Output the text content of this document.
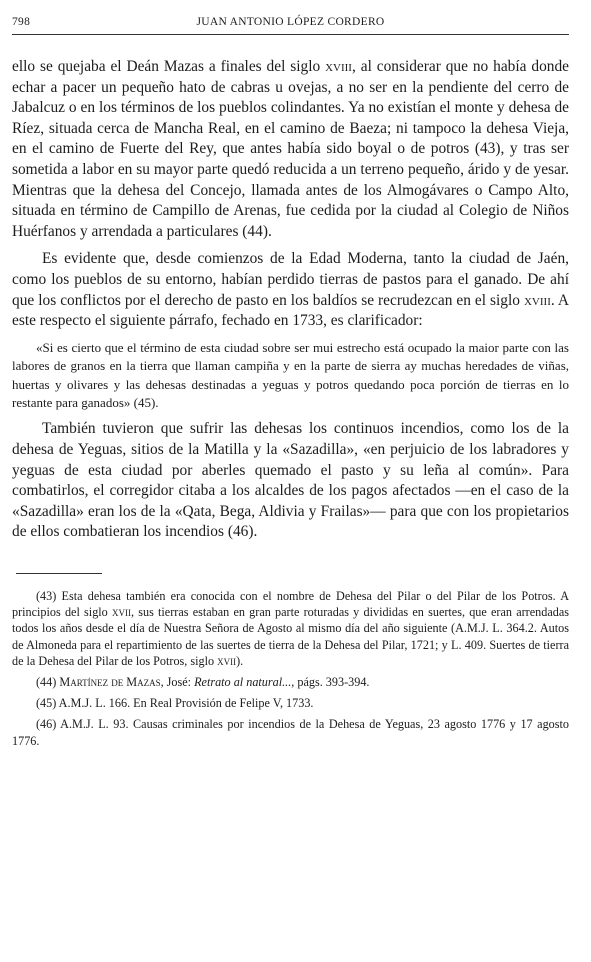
798	JUAN ANTONIO LÓPEZ CORDERO

ello se quejaba el Deán Mazas a finales del siglo xviii, al considerar que no había donde echar a pacer un pequeño hato de cabras u ovejas, a no ser en la pendiente del cerro de Jabalcuz o en los términos de los pueblos colindantes. Ya no existían el monte y dehesa de Ríez, situada cerca de Mancha Real, en el camino de Baeza; ni tampoco la dehesa Vieja, en el camino de Fuerte del Rey, que antes había sido boyal o de potros (43), y tras ser sometida a labor en su mayor parte quedó reducida a un terreno pequeño, árido y de yesar. Mientras que la dehesa del Concejo, llamada antes de los Almogávares o Campo Alto, situada en término de Campillo de Arenas, fue cedida por la ciudad al Colegio de Niños Huérfanos y arrendada a particulares (44).

Es evidente que, desde comienzos de la Edad Moderna, tanto la ciudad de Jaén, como los pueblos de su entorno, habían perdido tierras de pastos para el ganado. De ahí que los conflictos por el derecho de pasto en los baldíos se recrudezcan en el siglo xviii. A este respecto el siguiente párrafo, fechado en 1733, es clarificador:

«Si es cierto que el término de esta ciudad sobre ser mui estrecho está ocupado la maior parte con las labores de granos en la tierra que llaman campiña y en la parte de sierra ay muchas heredades de viñas, huertas y olivares y las dehesas destinadas a yeguas y potros quedando poca porción de tierras en lo restante para ganados» (45).

También tuvieron que sufrir las dehesas los continuos incendios, como los de la dehesa de Yeguas, sitios de la Matilla y la «Sazadilla», «en perjuicio de los labradores y yeguas de esta ciudad por aberles quemado el pasto y su leña al común». Para combatirlos, el corregidor citaba a los alcaldes de los pagos afectados —en el caso de la «Sazadilla» eran los de la «Qata, Bega, Aldivia y Frailas»— para que con los propietarios de ellos combatieran los incendios (46).

(43) Esta dehesa también era conocida con el nombre de Dehesa del Pilar o del Pilar de los Potros. A principios del siglo xvii, sus tierras estaban en gran parte roturadas y divididas en suertes, que eran arrendadas todos los años desde el día de Nuestra Señora de Agosto al mismo día del año siguiente (A.M.J. L. 364.2. Autos de Almoneda para el repartimiento de las suertes de tierra de la Dehesa del Pilar, 1721; y L. 409. Suertes de tierra de la Dehesa del Pilar de los Potros, siglo xvii).

(44) Martínez de Mazas, José: Retrato al natural..., págs. 393-394.

(45) A.M.J. L. 166. En Real Provisión de Felipe V, 1733.

(46) A.M.J. L. 93. Causas criminales por incendios de la Dehesa de Yeguas, 23 agosto 1776 y 17 agosto 1776.
